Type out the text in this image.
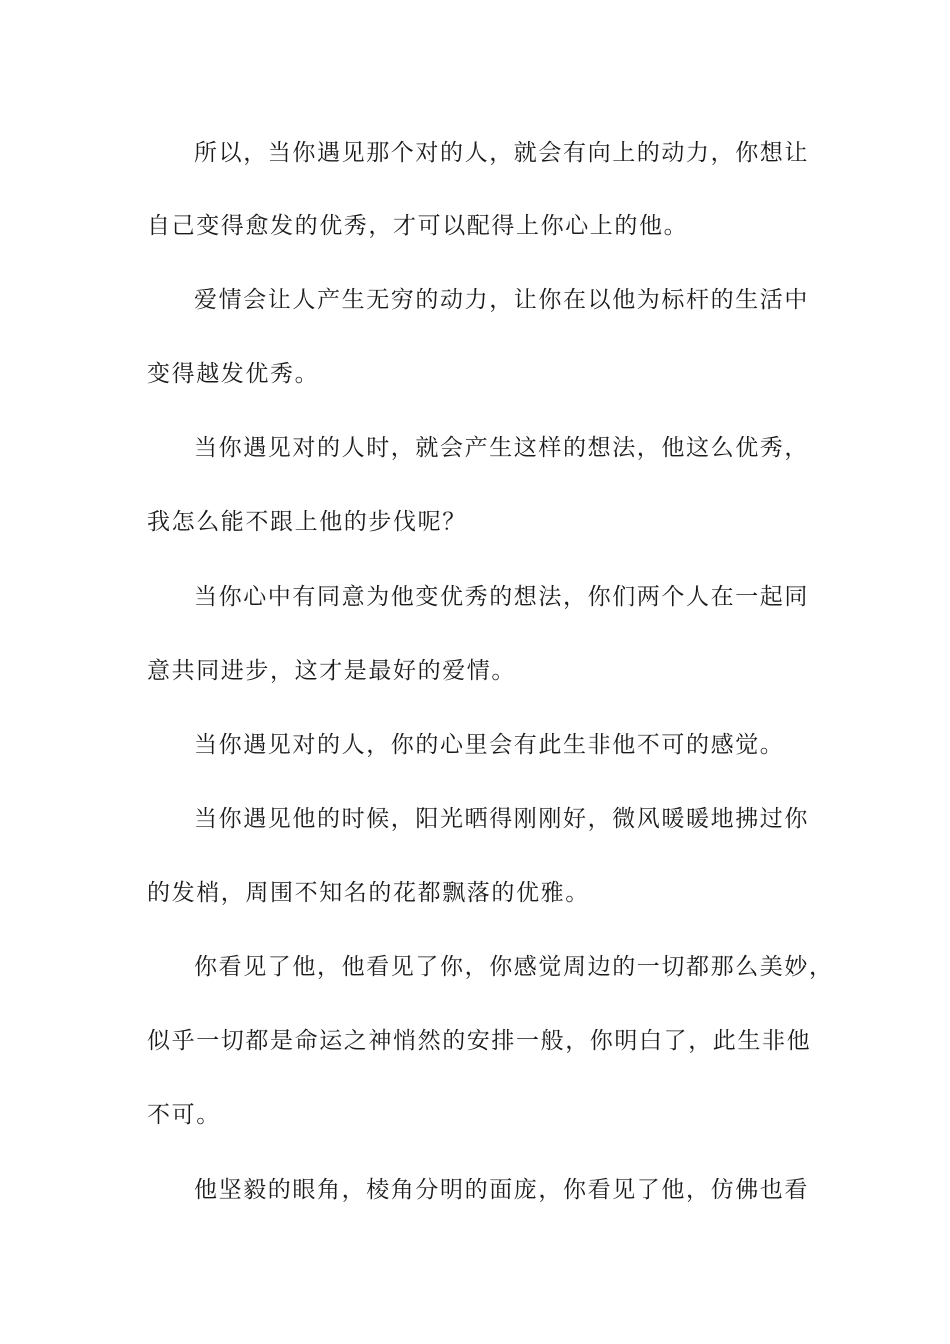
所以，当你遇见那个对的人，就会有向上的动力，你想让

自己变得愈发的优秀，才可以配得上你心上的他。

爱情会让人产生无穷的动力，让你在以他为标杆的生活中

变得越发优秀。

当你遇见对的人时，就会产生这样的想法，他这么优秀，

我怎么能不跟上他的步伐呢？

当你心中有同意为他变优秀的想法，你们两个人在一起同

意共同进步，这才是最好的爱情。

当你遇见对的人，你的心里会有此生非他不可的感觉。

当你遇见他的时候，阳光晒得刚刚好，微风暖暖地拂过你

的发梢，周围不知名的花都飘落的优雅。

你看见了他，他看见了你，你感觉周边的一切都那么美妙，

似乎一切都是命运之神悄然的安排一般，你明白了，此生非他

不可。

他坚毅的眼角，棱角分明的面庞，你看见了他，仿佛也看
